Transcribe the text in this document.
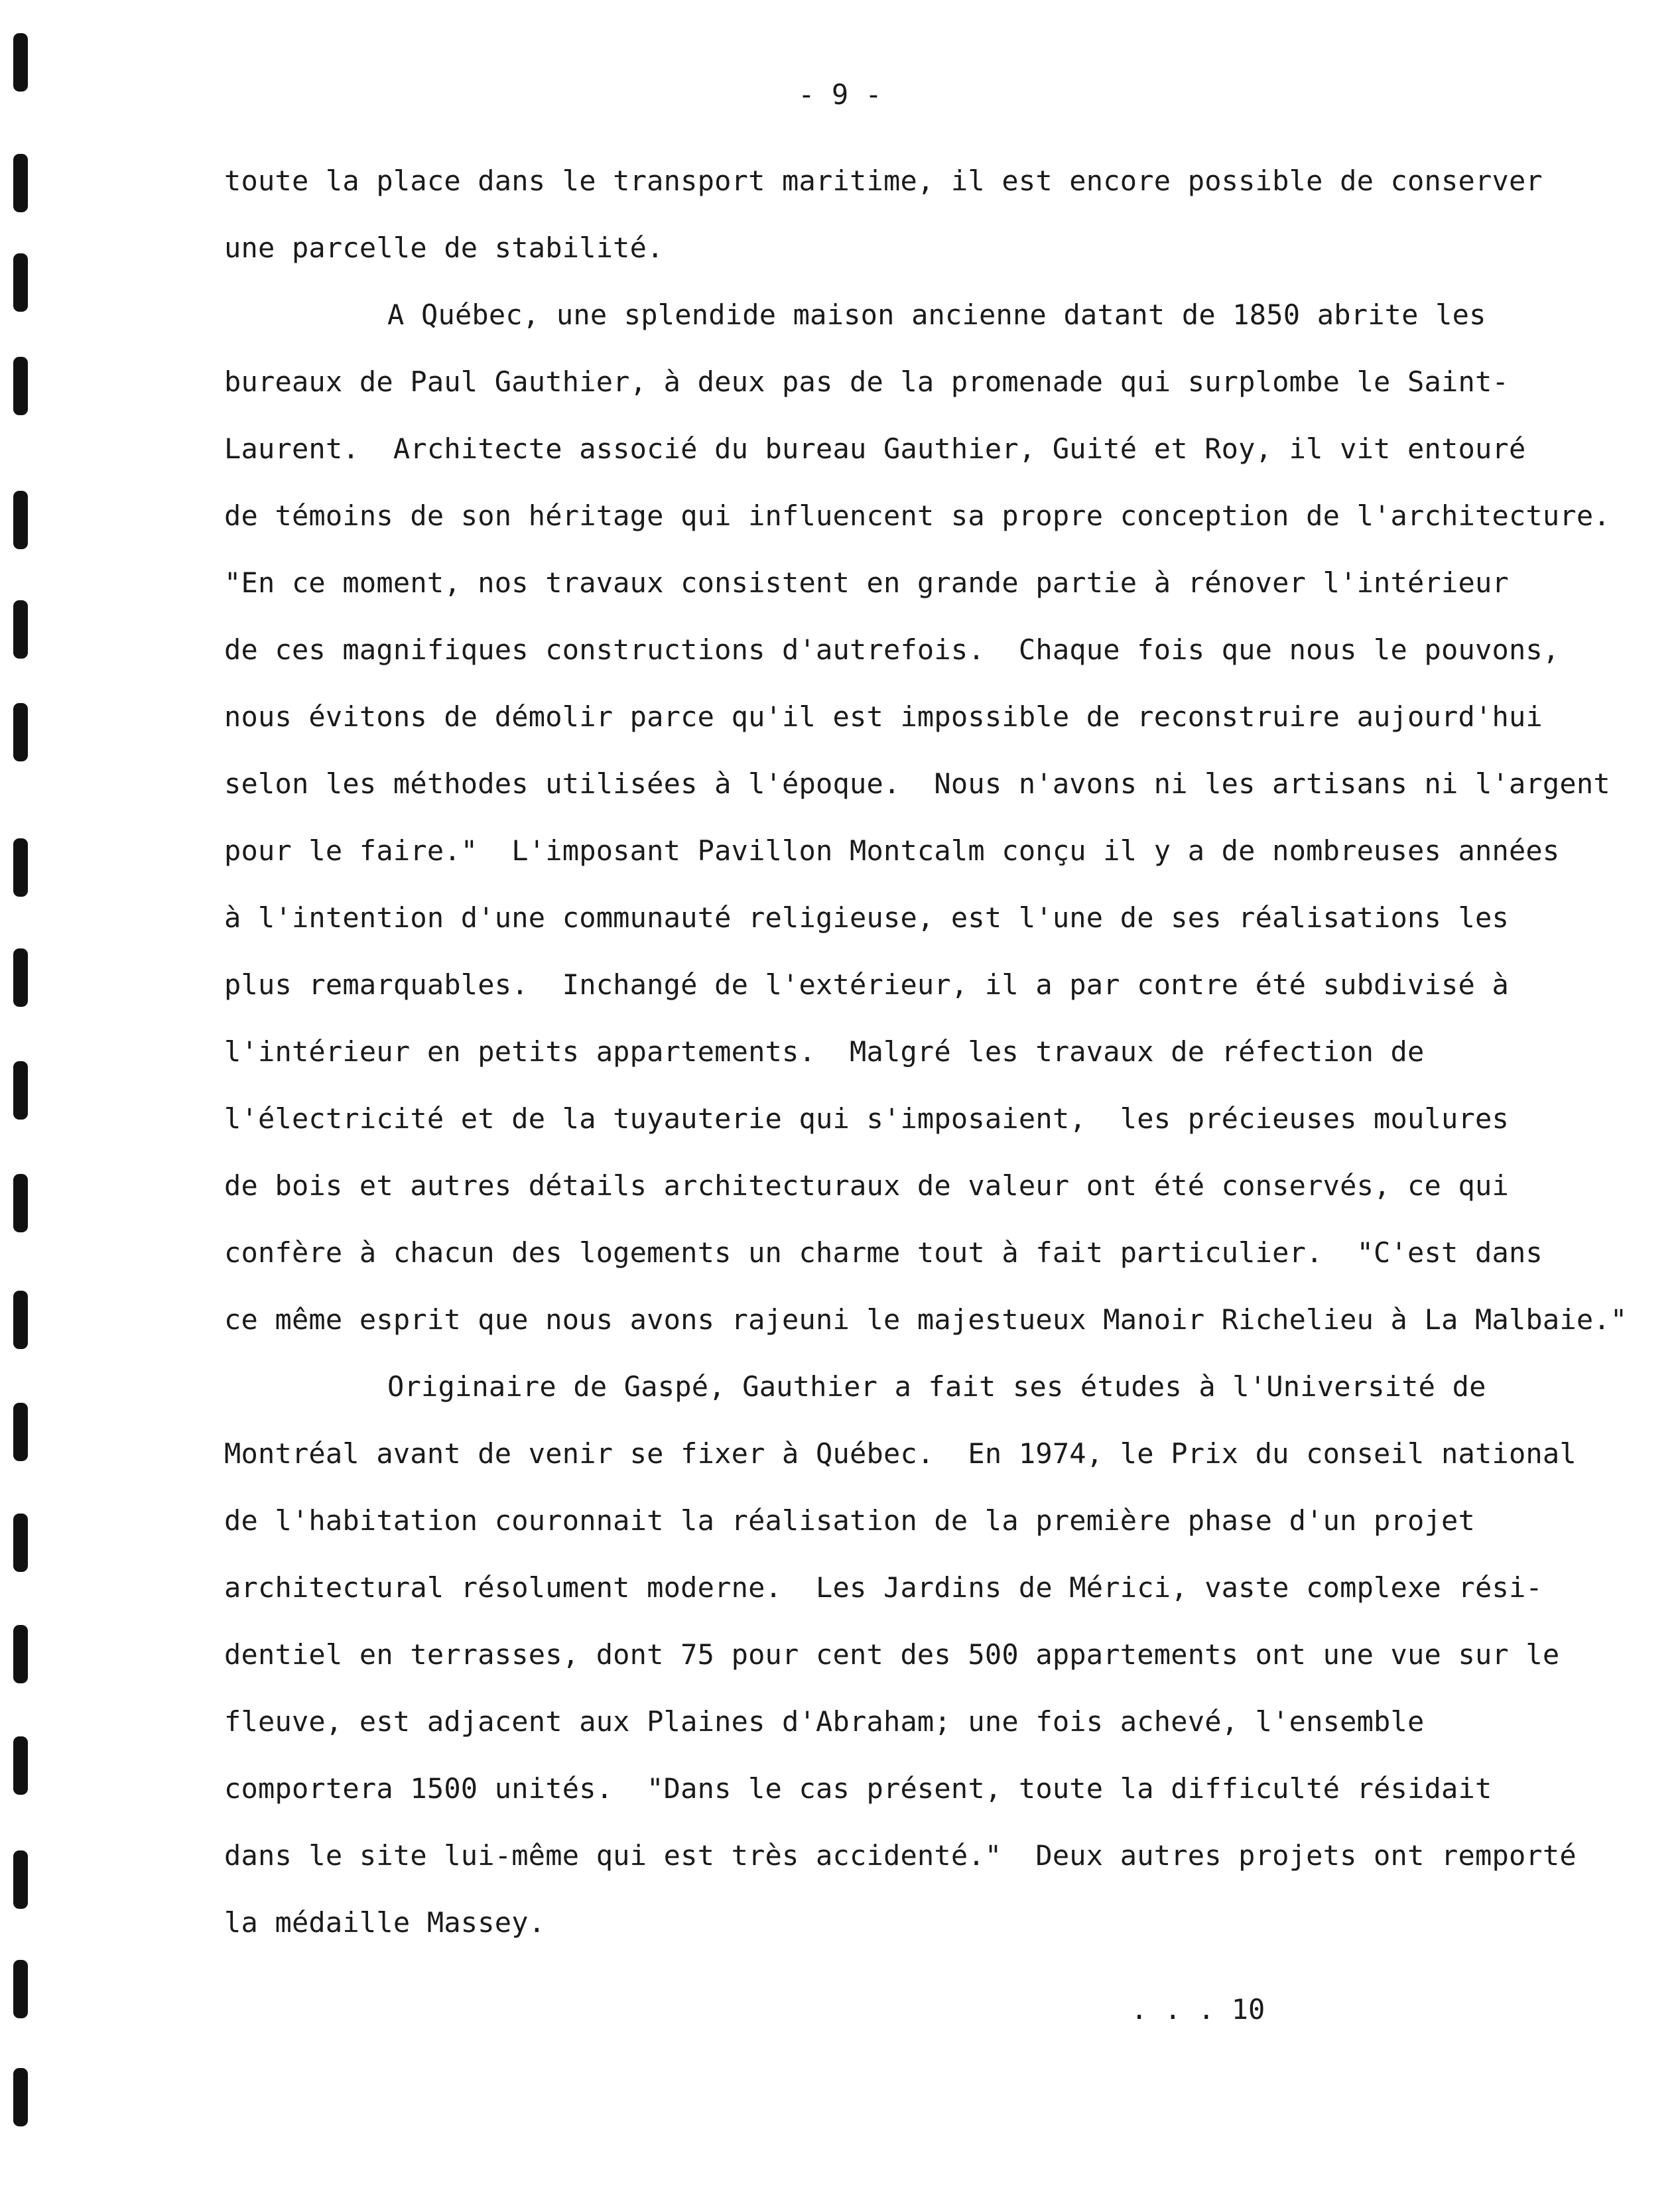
- 9 -
toute la place dans le transport maritime, il est encore possible de conserver
une parcelle de stabilité.
A Québec, une splendide maison ancienne datant de 1850 abrite les
bureaux de Paul Gauthier, à deux pas de la promenade qui surplombe le Saint-
Laurent.  Architecte associé du bureau Gauthier, Guité et Roy, il vit entouré
de témoins de son héritage qui influencent sa propre conception de l'architecture.
"En ce moment, nos travaux consistent en grande partie à rénover l'intérieur
de ces magnifiques constructions d'autrefois.  Chaque fois que nous le pouvons,
nous évitons de démolir parce qu'il est impossible de reconstruire aujourd'hui
selon les méthodes utilisées à l'époque.  Nous n'avons ni les artisans ni l'argent
pour le faire."  L'imposant Pavillon Montcalm conçu il y a de nombreuses années
à l'intention d'une communauté religieuse, est l'une de ses réalisations les
plus remarquables.  Inchangé de l'extérieur, il a par contre été subdivisé à
l'intérieur en petits appartements.  Malgré les travaux de réfection de
l'électricité et de la tuyauterie qui s'imposaient,  les précieuses moulures
de bois et autres détails architecturaux de valeur ont été conservés, ce qui
confère à chacun des logements un charme tout à fait particulier.  "C'est dans
ce même esprit que nous avons rajeuni le majestueux Manoir Richelieu à La Malbaie."
Originaire de Gaspé, Gauthier a fait ses études à l'Université de
Montréal avant de venir se fixer à Québec.  En 1974, le Prix du conseil national
de l'habitation couronnait la réalisation de la première phase d'un projet
architectural résolument moderne.  Les Jardins de Mérici, vaste complexe rési-
dentiel en terrasses, dont 75 pour cent des 500 appartements ont une vue sur le
fleuve, est adjacent aux Plaines d'Abraham; une fois achevé, l'ensemble
comportera 1500 unités.  "Dans le cas présent, toute la difficulté résidait
dans le site lui-même qui est très accidenté."  Deux autres projets ont remporté
la médaille Massey.
. . . 10
